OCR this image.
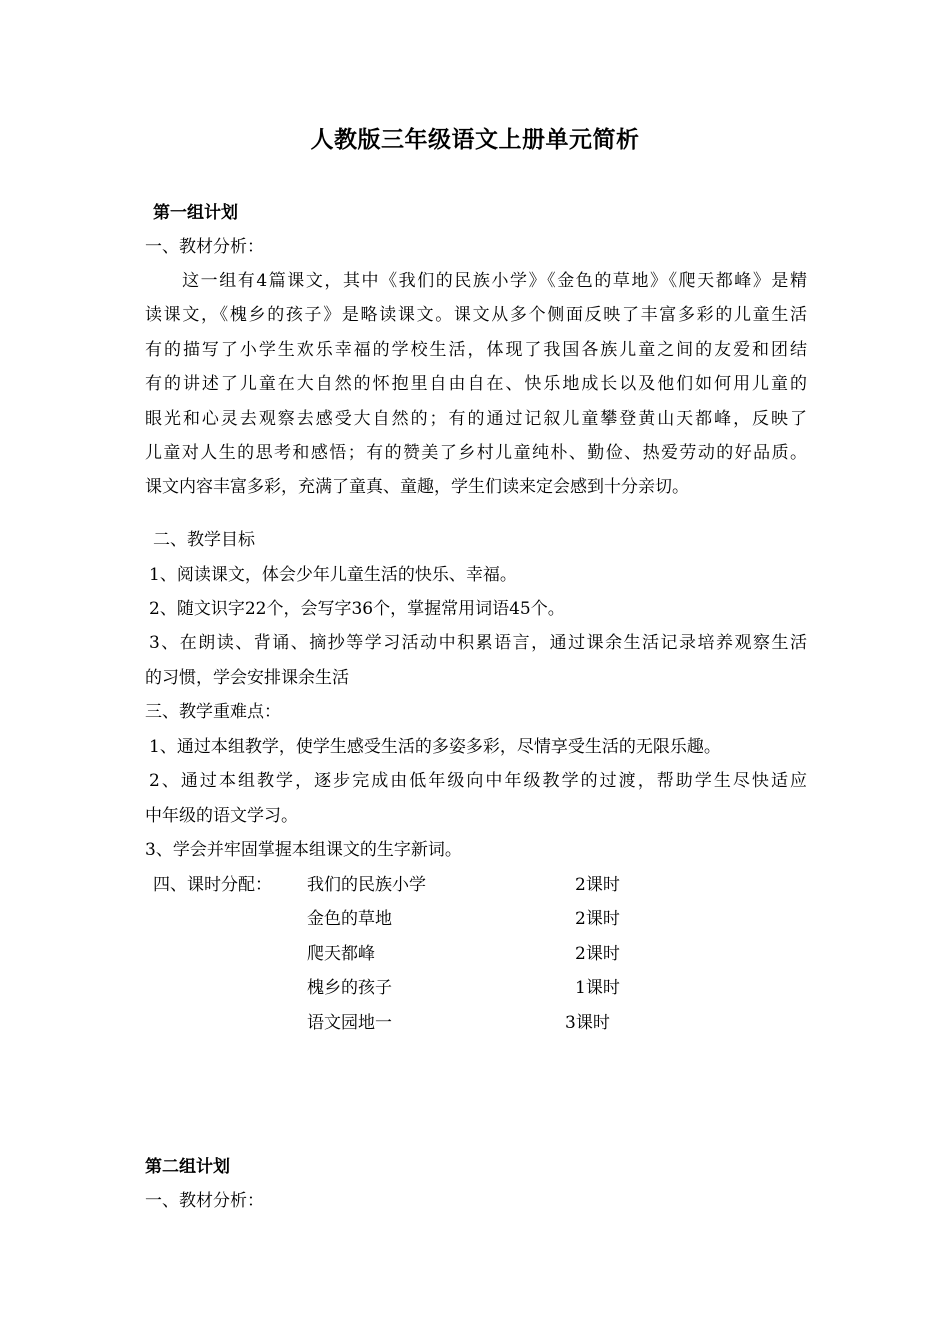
人教版三年级语文上册单元简析
第一组计划
一、教材分析：
　　这一组有4篇课文，其中《我们的民族小学》《金色的草地》《爬天都峰》是精
读课文，《槐乡的孩子》是略读课文。课文从多个侧面反映了丰富多彩的儿童生活
有的描写了小学生欢乐幸福的学校生活，体现了我国各族儿童之间的友爱和团结
有的讲述了儿童在大自然的怀抱里自由自在、快乐地成长以及他们如何用儿童的
眼光和心灵去观察去感受大自然的；有的通过记叙儿童攀登黄山天都峰，反映了
儿童对人生的思考和感悟；有的赞美了乡村儿童纯朴、勤俭、热爱劳动的好品质。
课文内容丰富多彩，充满了童真、童趣，学生们读来定会感到十分亲切。
二、教学目标
1、阅读课文，体会少年儿童生活的快乐、幸福。
2、随文识字22个，会写字36个，掌握常用词语45个。
3、在朗读、背诵、摘抄等学习活动中积累语言，通过课余生活记录培养观察生活
的习惯，学会安排课余生活
三、教学重难点：
1、通过本组教学，使学生感受生活的多姿多彩，尽情享受生活的无限乐趣。
2、通过本组教学，逐步完成由低年级向中年级教学的过渡，帮助学生尽快适应
中年级的语文学习。
3、学会并牢固掌握本组课文的生字新词。
四、课时分配： 我们的民族小学	2课时
金色的草地	2课时
爬天都峰	2课时
槐乡的孩子	1课时
语文园地一	3课时
第二组计划
一、教材分析：
